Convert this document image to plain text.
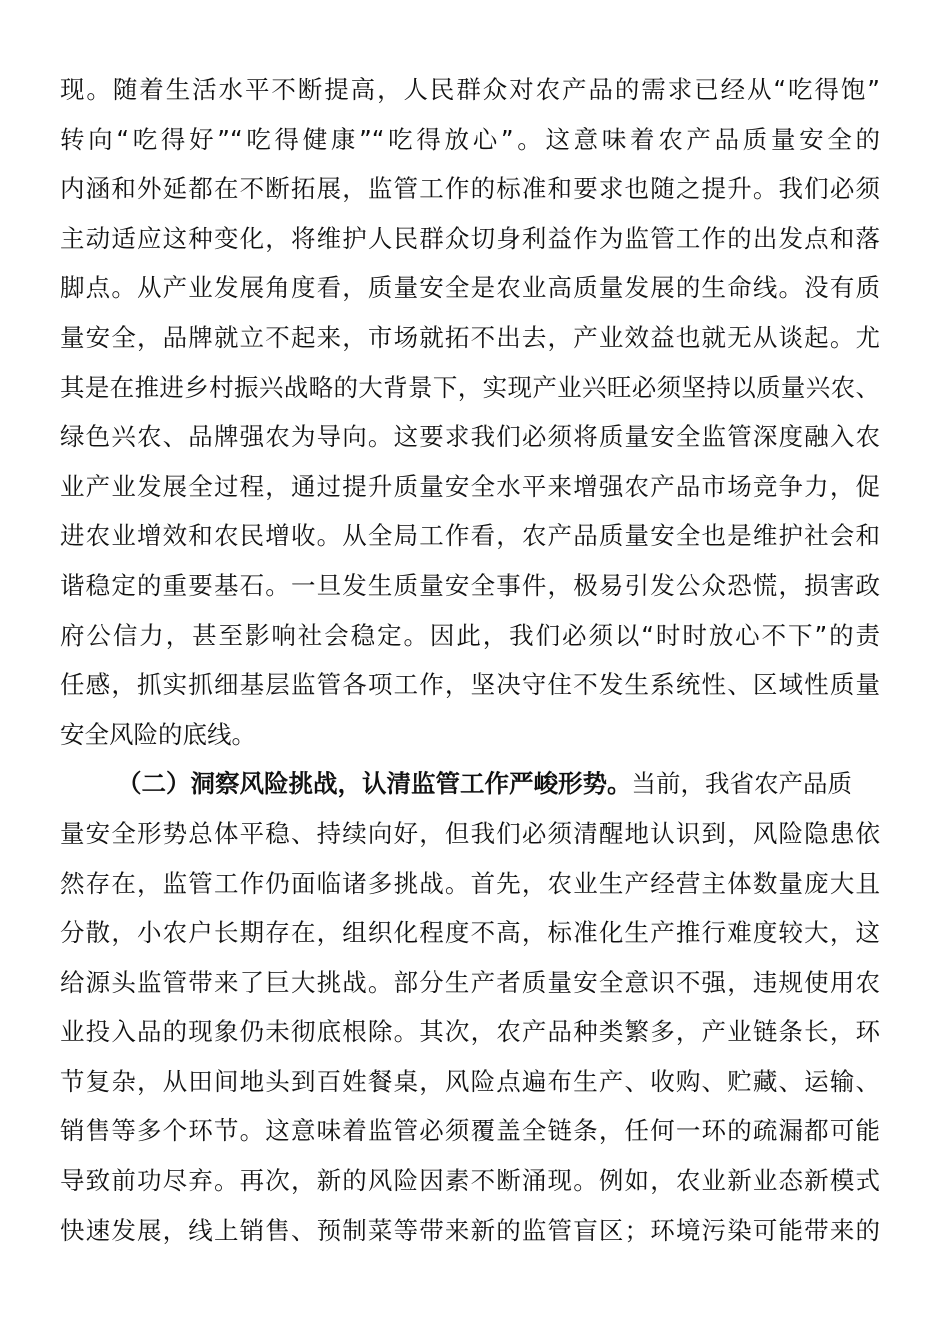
现。随着生活水平不断提高，人民群众对农产品的需求已经从“吃得饱”
转向“吃得好”“吃得健康”“吃得放心”。这意味着农产品质量安全的
内涵和外延都在不断拓展，监管工作的标准和要求也随之提升。我们必须
主动适应这种变化，将维护人民群众切身利益作为监管工作的出发点和落
脚点。从产业发展角度看，质量安全是农业高质量发展的生命线。没有质
量安全，品牌就立不起来，市场就拓不出去，产业效益也就无从谈起。尤
其是在推进乡村振兴战略的大背景下，实现产业兴旺必须坚持以质量兴农、
绿色兴农、品牌强农为导向。这要求我们必须将质量安全监管深度融入农
业产业发展全过程，通过提升质量安全水平来增强农产品市场竞争力，促
进农业增效和农民增收。从全局工作看，农产品质量安全也是维护社会和
谐稳定的重要基石。一旦发生质量安全事件，极易引发公众恐慌，损害政
府公信力，甚至影响社会稳定。因此，我们必须以“时时放心不下”的责
任感，抓实抓细基层监管各项工作，坚决守住不发生系统性、区域性质量
安全风险的底线。
（二）洞察风险挑战，认清监管工作严峻形势。当前，我省农产品质
量安全形势总体平稳、持续向好，但我们必须清醒地认识到，风险隐患依
然存在，监管工作仍面临诸多挑战。首先，农业生产经营主体数量庞大且
分散，小农户长期存在，组织化程度不高，标准化生产推行难度较大，这
给源头监管带来了巨大挑战。部分生产者质量安全意识不强，违规使用农
业投入品的现象仍未彻底根除。其次，农产品种类繁多，产业链条长，环
节复杂，从田间地头到百姓餐桌，风险点遍布生产、收购、贮藏、运输、
销售等多个环节。这意味着监管必须覆盖全链条，任何一环的疏漏都可能
导致前功尽弃。再次，新的风险因素不断涌现。例如，农业新业态新模式
快速发展，线上销售、预制菜等带来新的监管盲区；环境污染可能带来的
